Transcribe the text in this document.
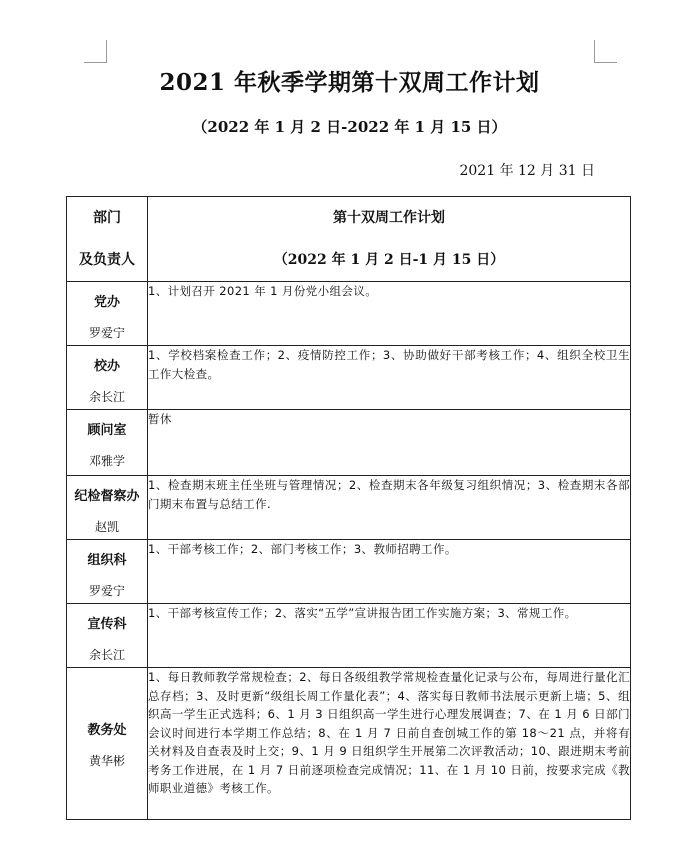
2021 年秋季学期第十双周工作计划
（2022 年 1 月 2 日-2022 年 1 月 15 日）
2021 年 12 月 31 日
部门
及负责人	第十双周工作计划
（2022 年 1 月 2 日-1 月 15 日）

党办
罗爱宁	1、计划召开 2021 年 1 月份党小组会议。

校办
余长江	1、学校档案检查工作；2、疫情防控工作；3、协助做好干部考核工作；4、组织全校卫生工作大检查。

顾问室
邓雅学	暂休

纪检督察办
赵凯	1、检查期末班主任坐班与管理情况；2、检查期末各年级复习组织情况；3、检查期末各部门期末布置与总结工作.

组织科
罗爱宁	1、干部考核工作；2、部门考核工作；3、教师招聘工作。

宣传科
余长江	1、干部考核宣传工作；2、落实“五学”宣讲报告团工作实施方案；3、常规工作。

教务处
黄华彬	1、每日教师教学常规检查；2、每日各级组教学常规检查量化记录与公布，每周进行量化汇总存档；3、及时更新“级组长周工作量化表”；4、落实每日教师书法展示更新上墙；5、组织高一学生正式选科；6、1 月 3 日组织高一学生进行心理发展调查；7、在 1 月 6 日部门会议时间进行本学期工作总结；8、在 1 月 7 日前自查创城工作的第 18～21 点，并将有关材料及自查表及时上交；9、1 月 9 日组织学生开展第二次评教活动；10、跟进期末考前考务工作进展，在 1 月 7 日前逐项检查完成情况；11、在 1 月 10 日前，按要求完成《教师职业道德》考核工作。
